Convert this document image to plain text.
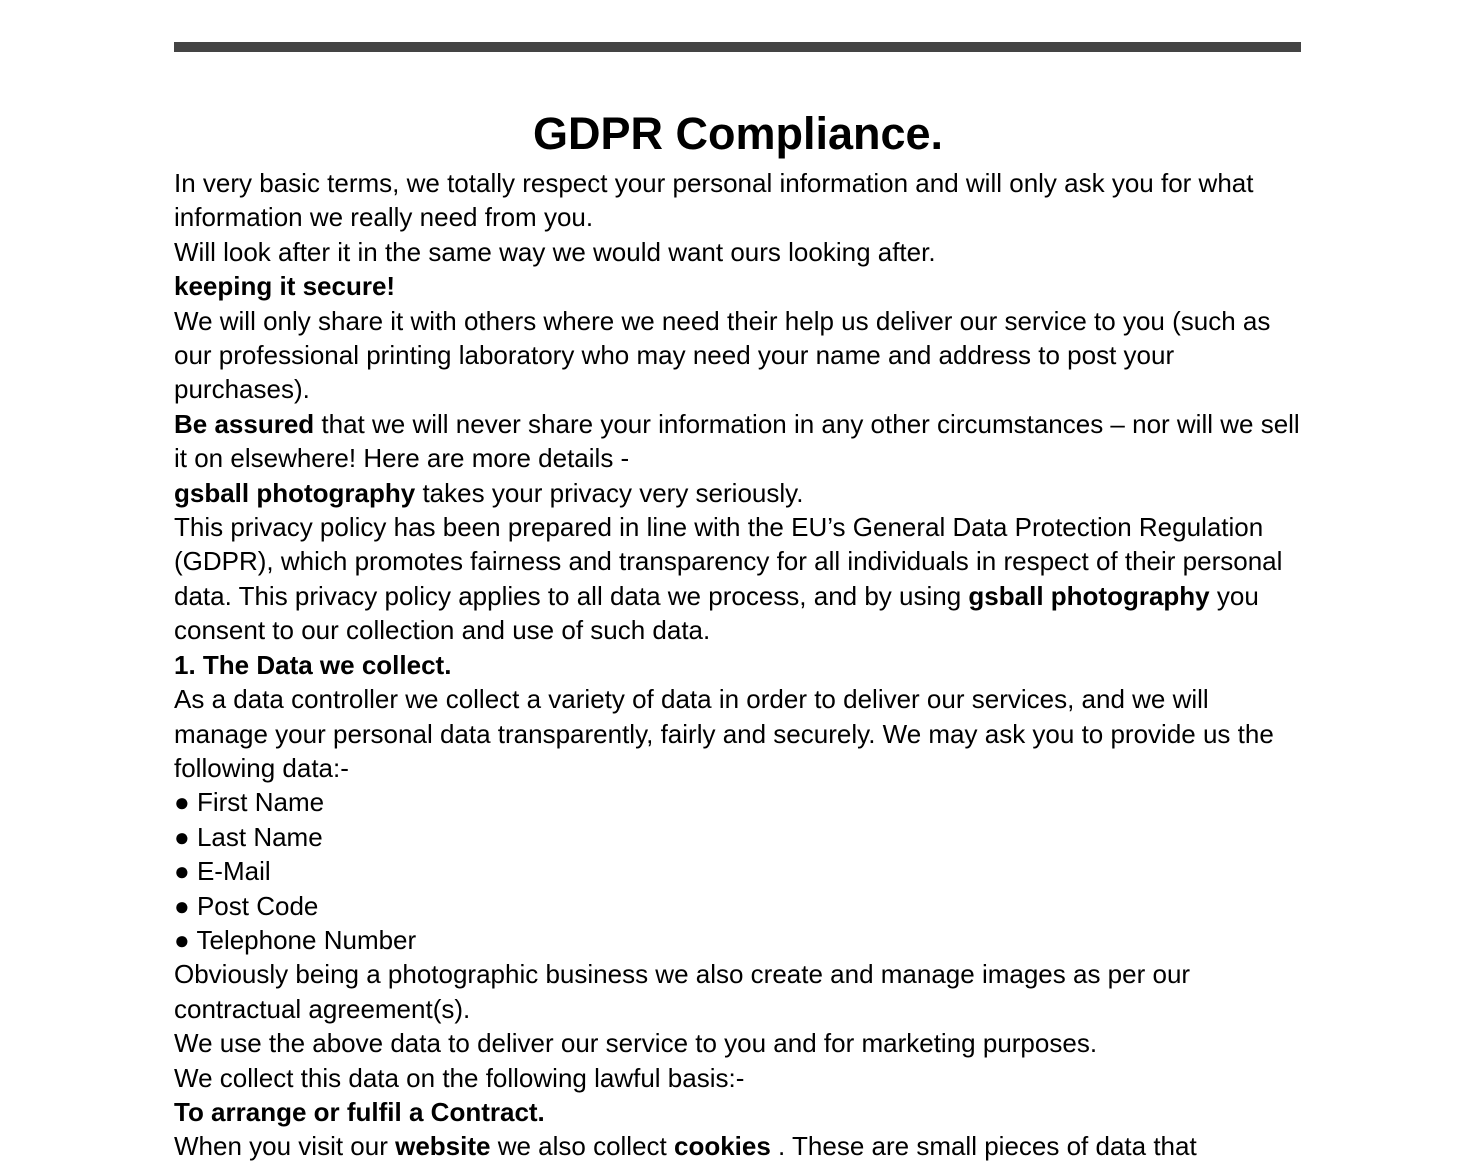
GDPR Compliance.

In very basic terms, we totally respect your personal information and will only ask you for what information we really need from you.

Will look after it in the same way we would want ours looking after.

keeping it secure!

We will only share it with others where we need their help us deliver our service to you (such as our professional printing laboratory who may need your name and address to post your purchases).

Be assured that we will never share your information in any other circumstances – nor will we sell it on elsewhere! Here are more details -

gsball photography takes your privacy very seriously.

This privacy policy has been prepared in line with the EU’s General Data Protection Regulation (GDPR), which promotes fairness and transparency for all individuals in respect of their personal data. This privacy policy applies to all data we process, and by using gsball photography you consent to our collection and use of such data.

1. The Data we collect.

As a data controller we collect a variety of data in order to deliver our services, and we will manage your personal data transparently, fairly and securely. We may ask you to provide us the following data:-

● First Name
● Last Name
● E-Mail
● Post Code
● Telephone Number

Obviously being a photographic business we also create and manage images as per our contractual agreement(s).

We use the above data to deliver our service to you and for marketing purposes.

We collect this data on the following lawful basis:-

To arrange or fulfil a Contract.

When you visit our website we also collect cookies . These are small pieces of data that
